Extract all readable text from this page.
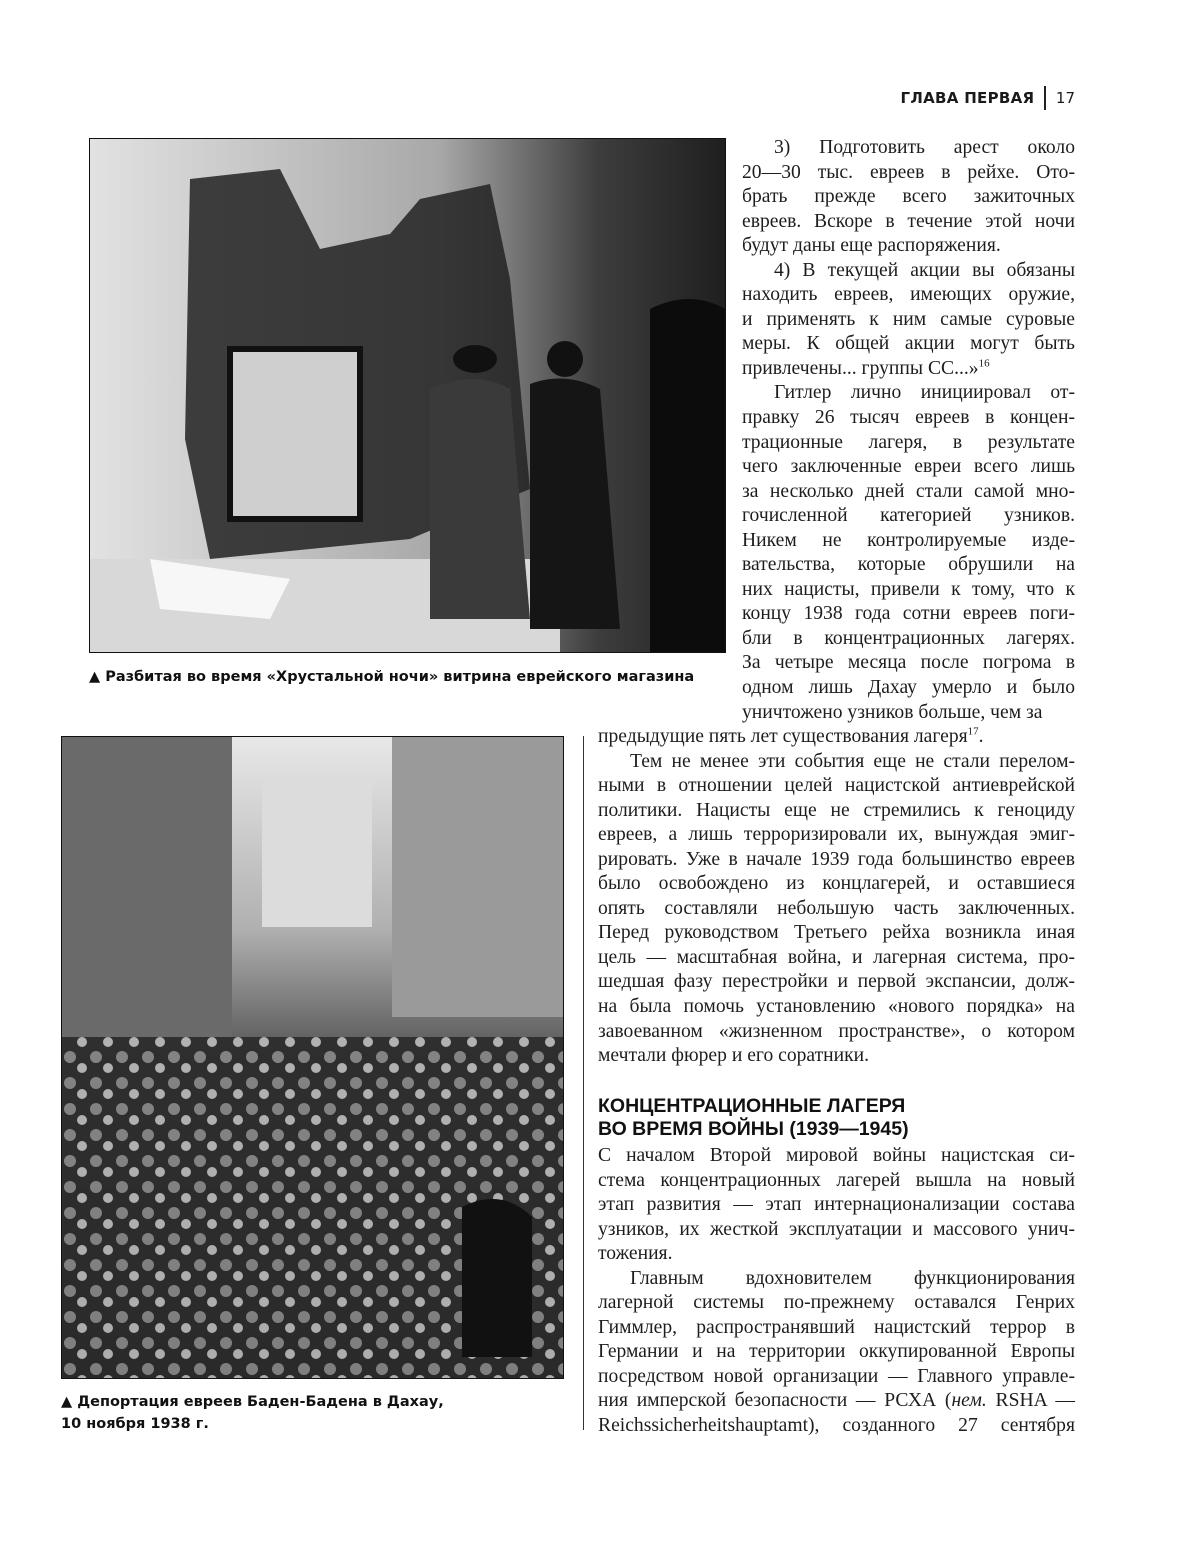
ГЛАВА ПЕРВАЯ 17
▲ Разбитая во время «Хрустальной ночи» витрина еврейского магазина
▲ Депортация евреев Баден-Бадена в Дахау,
10 ноября 1938 г.
3) Подготовить арест около
20—30 тыс. евреев в рейхе. Ото-
брать прежде всего зажиточных
евреев. Вскоре в течение этой ночи
будут даны еще распоряжения.
4) В текущей акции вы обязаны
находить евреев, имеющих оружие,
и применять к ним самые суровые
меры. К общей акции могут быть
привлечены... группы СС...»$^{16}$
Гитлер лично инициировал от-
правку 26 тысяч евреев в концен-
трационные лагеря, в результате
чего заключенные евреи всего лишь
за несколько дней стали самой мно-
гочисленной категорией узников.
Никем не контролируемые изде-
вательства, которые обрушили на
них нацисты, привели к тому, что к
концу 1938 года сотни евреев поги-
бли в концентрационных лагерях.
За четыре месяца после погрома в
одном лишь Дахау умерло и было
уничтожено узников больше, чем за
предыдущие пять лет существования лагеря$^{17}$.
Тем не менее эти события еще не стали перелом-
ными в отношении целей нацистской антиеврейской
политики. Нацисты еще не стремились к геноциду
евреев, а лишь терроризировали их, вынуждая эмиг-
рировать. Уже в начале 1939 года большинство евреев
было освобождено из концлагерей, и оставшиеся
опять составляли небольшую часть заключенных.
Перед руководством Третьего рейха возникла иная
цель — масштабная война, и лагерная система, про-
шедшая фазу перестройки и первой экспансии, долж-
на была помочь установлению «нового порядка» на
завоеванном «жизненном пространстве», о котором
мечтали фюрер и его соратники.
КОНЦЕНТРАЦИОННЫЕ ЛАГЕРЯ
ВО ВРЕМЯ ВОЙНЫ (1939—1945)
С началом Второй мировой войны нацистская си-
стема концентрационных лагерей вышла на новый
этап развития — этап интернационализации состава
узников, их жесткой эксплуатации и массового унич-
тожения.
Главным вдохновителем функционирования
лагерной системы по-прежнему оставался Генрих
Гиммлер, распространявший нацистский террор в
Германии и на территории оккупированной Европы
посредством новой организации — Главного управле-
ния имперской безопасности — РСХА (нем. RSHA —
Reichssicherheitshauptamt), созданного 27 сентября
